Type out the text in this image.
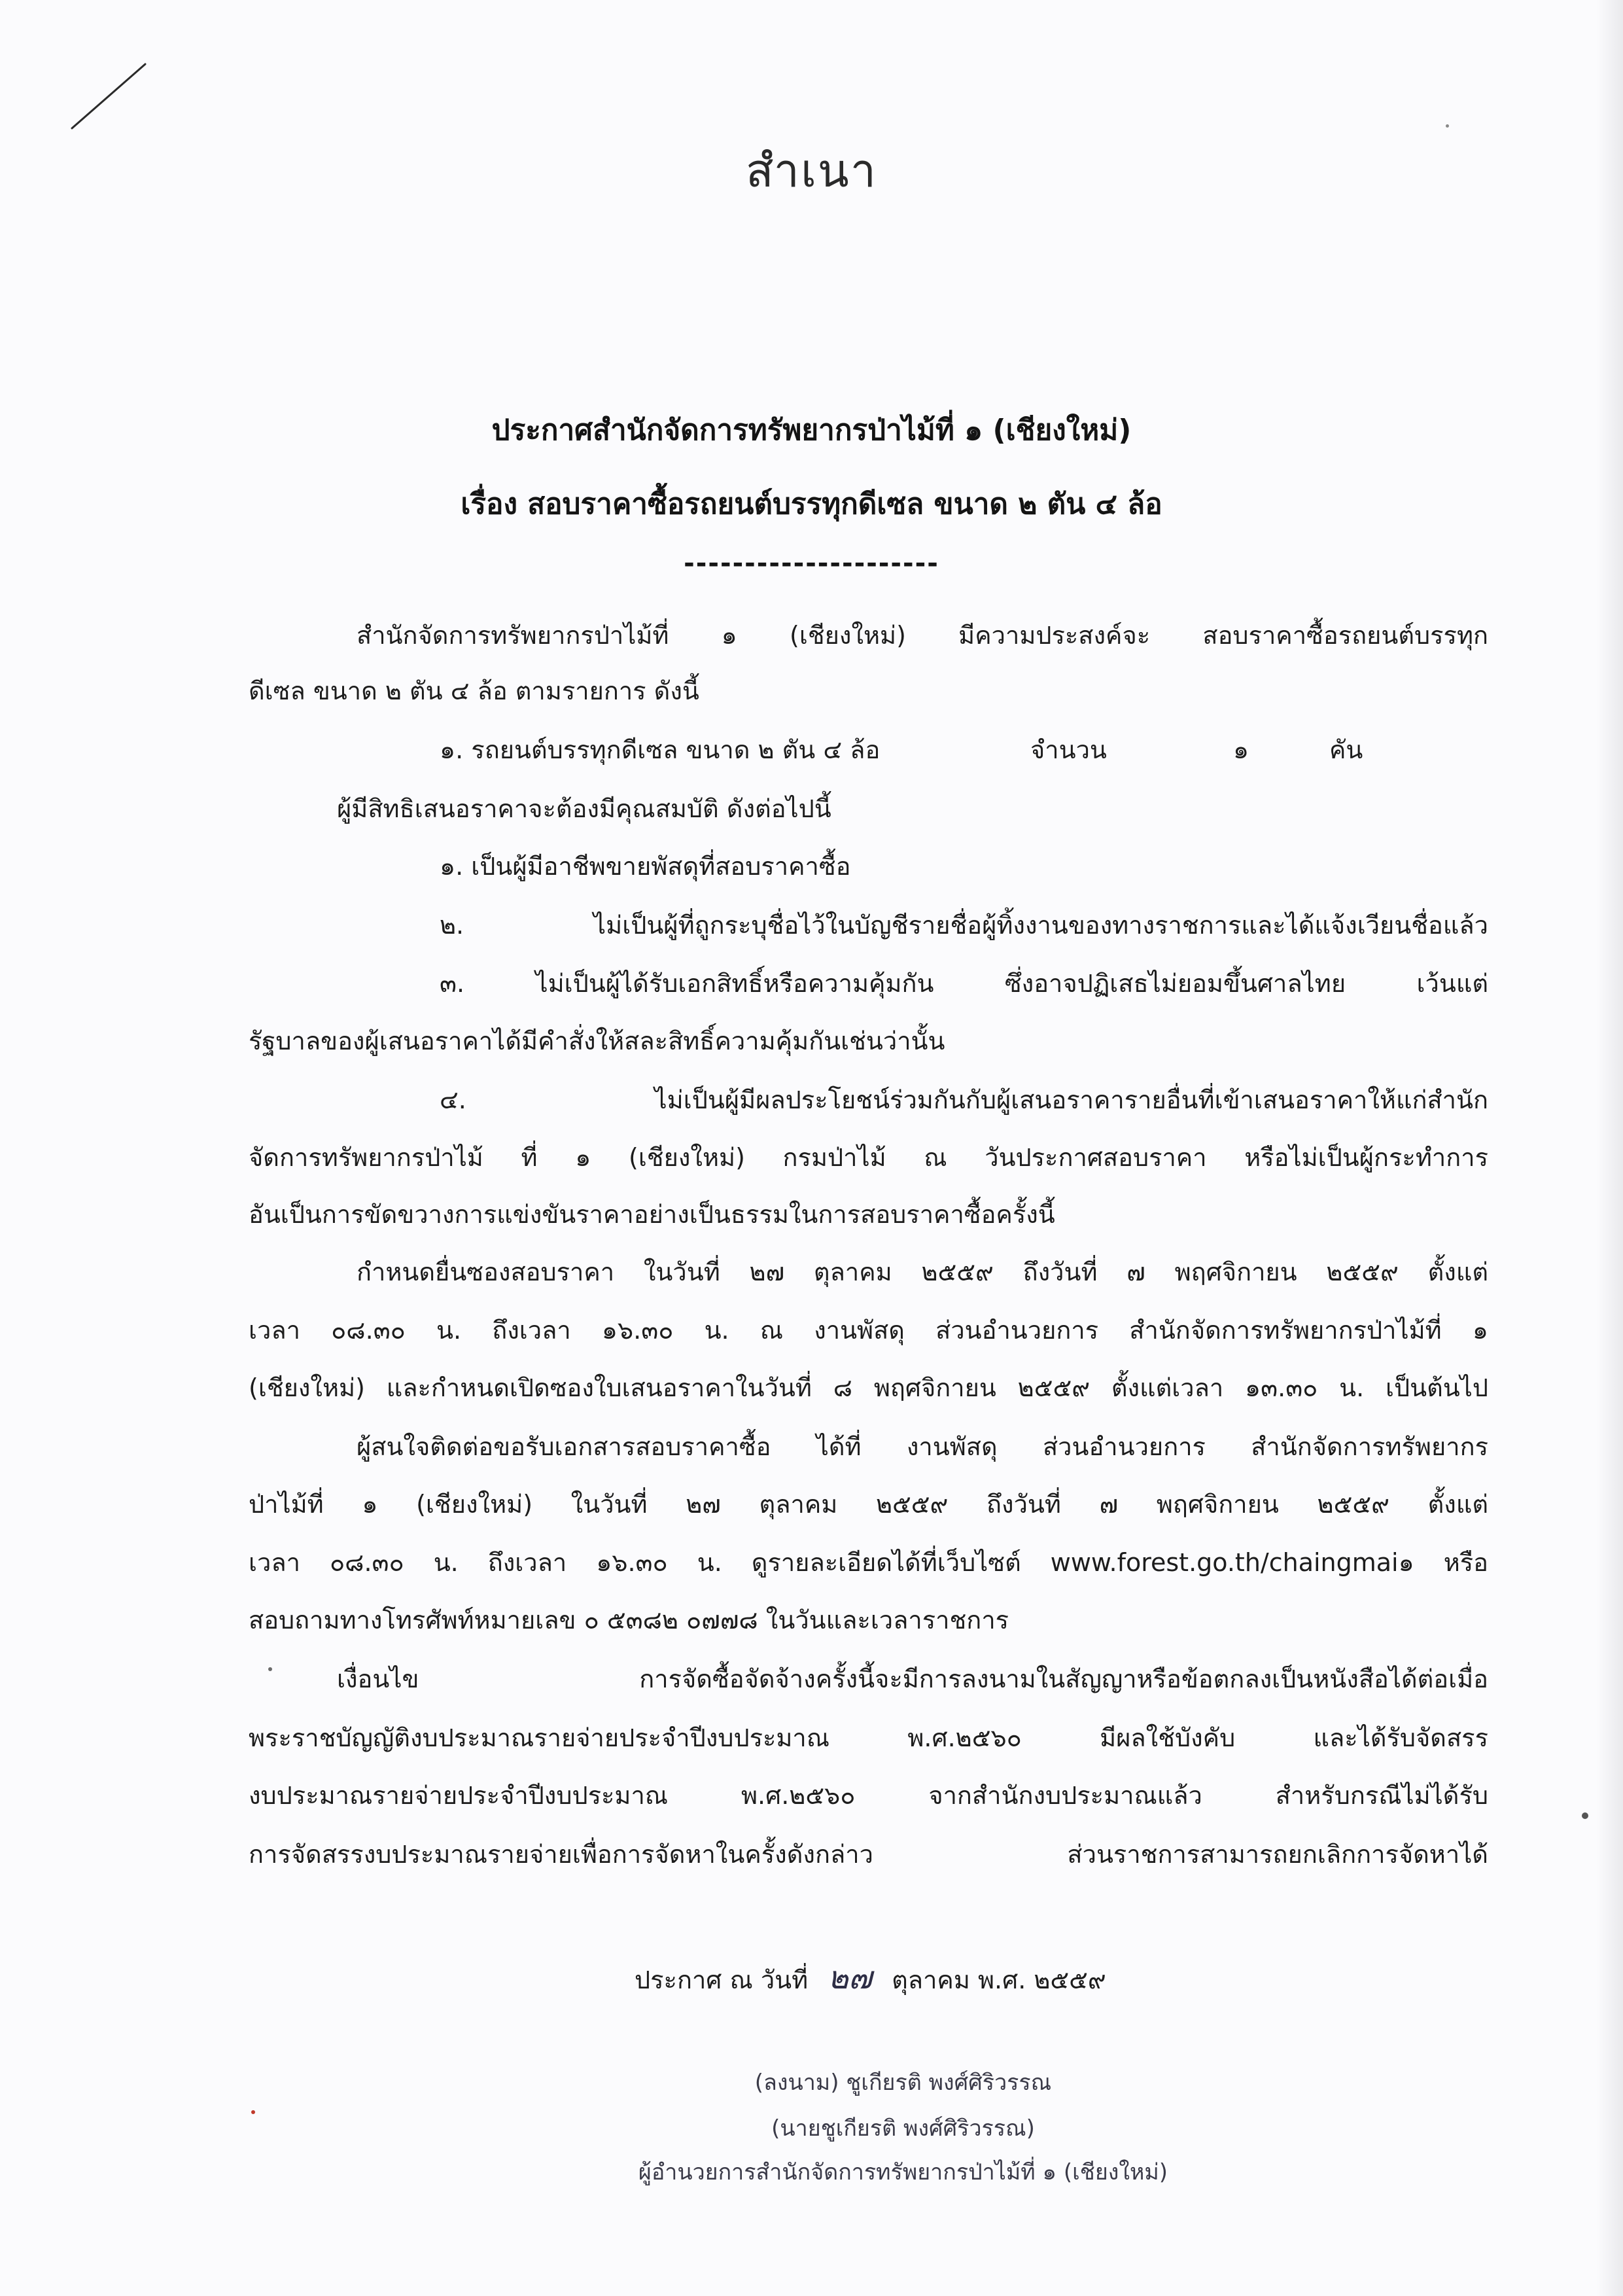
สำเนา
ประกาศสำนักจัดการทรัพยากรป่าไม้ที่ ๑ (เชียงใหม่)
เรื่อง สอบราคาซื้อรถยนต์บรรทุกดีเซล ขนาด ๒ ตัน ๔ ล้อ
---------------------
สำนักจัดการทรัพยากรป่าไม้ที่ ๑ (เชียงใหม่) มีความประสงค์จะ สอบราคาซื้อรถยนต์บรรทุก
ดีเซล ขนาด ๒ ตัน ๔ ล้อ ตามรายการ ดังนี้
๑. รถยนต์บรรทุกดีเซล ขนาด ๒ ตัน ๔ ล้อ	จำนวน	๑	คัน
ผู้มีสิทธิเสนอราคาจะต้องมีคุณสมบัติ ดังต่อไปนี้
๑. เป็นผู้มีอาชีพขายพัสดุที่สอบราคาซื้อ
๒. ไม่เป็นผู้ที่ถูกระบุชื่อไว้ในบัญชีรายชื่อผู้ทิ้งงานของทางราชการและได้แจ้งเวียนชื่อแล้ว
๓. ไม่เป็นผู้ได้รับเอกสิทธิ์หรือความคุ้มกัน ซึ่งอาจปฏิเสธไม่ยอมขึ้นศาลไทย เว้นแต่
รัฐบาลของผู้เสนอราคาได้มีคำสั่งให้สละสิทธิ์ความคุ้มกันเช่นว่านั้น
๔. ไม่เป็นผู้มีผลประโยชน์ร่วมกันกับผู้เสนอราคารายอื่นที่เข้าเสนอราคาให้แก่สำนัก
จัดการทรัพยากรป่าไม้ ที่ ๑ (เชียงใหม่) กรมป่าไม้ ณ วันประกาศสอบราคา หรือไม่เป็นผู้กระทำการ
อันเป็นการขัดขวางการแข่งขันราคาอย่างเป็นธรรมในการสอบราคาซื้อครั้งนี้
กำหนดยื่นซองสอบราคา ในวันที่ ๒๗ ตุลาคม ๒๕๕๙ ถึงวันที่ ๗ พฤศจิกายน ๒๕๕๙ ตั้งแต่
เวลา ๐๘.๓๐ น. ถึงเวลา ๑๖.๓๐ น. ณ งานพัสดุ ส่วนอำนวยการ สำนักจัดการทรัพยากรป่าไม้ที่ ๑
(เชียงใหม่) และกำหนดเปิดซองใบเสนอราคาในวันที่ ๘ พฤศจิกายน ๒๕๕๙ ตั้งแต่เวลา ๑๓.๓๐ น. เป็นต้นไป
ผู้สนใจติดต่อขอรับเอกสารสอบราคาซื้อ ได้ที่ งานพัสดุ ส่วนอำนวยการ สำนักจัดการทรัพยากร
ป่าไม้ที่ ๑ (เชียงใหม่) ในวันที่ ๒๗ ตุลาคม ๒๕๕๙ ถึงวันที่ ๗ พฤศจิกายน ๒๕๕๙ ตั้งแต่
เวลา ๐๘.๓๐ น. ถึงเวลา ๑๖.๓๐ น. ดูรายละเอียดได้ที่เว็บไซต์ www.forest.go.th/chaingmai๑ หรือ
สอบถามทางโทรศัพท์หมายเลข ๐ ๕๓๘๒ ๐๗๗๘ ในวันและเวลาราชการ
เงื่อนไข การจัดซื้อจัดจ้างครั้งนี้จะมีการลงนามในสัญญาหรือข้อตกลงเป็นหนังสือได้ต่อเมื่อ
พระราชบัญญัติงบประมาณรายจ่ายประจำปีงบประมาณ พ.ศ.๒๕๖๐ มีผลใช้บังคับ และได้รับจัดสรร
งบประมาณรายจ่ายประจำปีงบประมาณ พ.ศ.๒๕๖๐ จากสำนักงบประมาณแล้ว สำหรับกรณีไม่ได้รับ
การจัดสรรงบประมาณรายจ่ายเพื่อการจัดหาในครั้งดังกล่าว ส่วนราชการสามารถยกเลิกการจัดหาได้
ประกาศ ณ วันที่ ๒๗ ตุลาคม พ.ศ. ๒๕๕๙
(ลงนาม) ชูเกียรติ พงศ์ศิริวรรณ
(นายชูเกียรติ พงศ์ศิริวรรณ)
ผู้อำนวยการสำนักจัดการทรัพยากรป่าไม้ที่ ๑ (เชียงใหม่)
